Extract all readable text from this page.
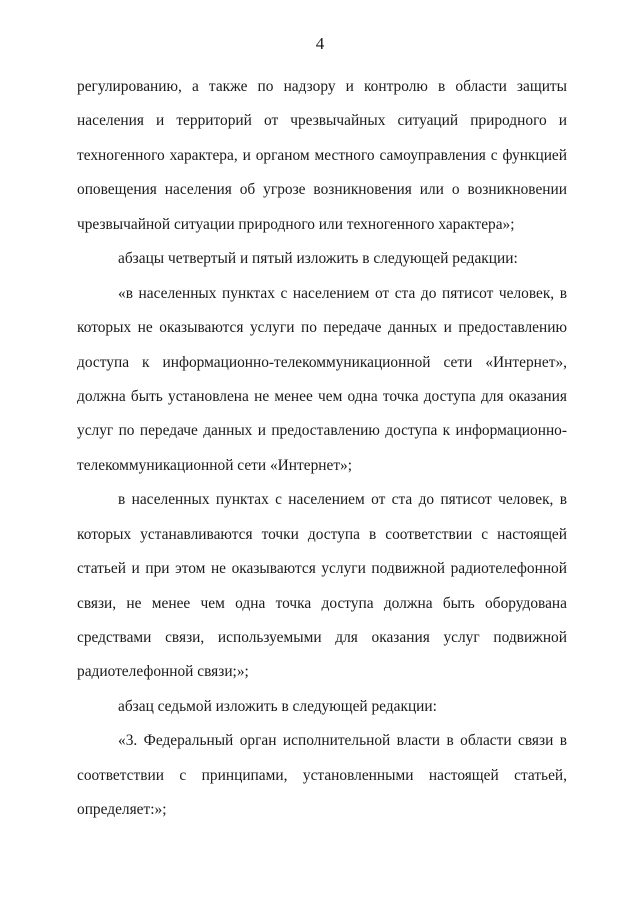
4
регулированию, а также по надзору и контролю в области защиты
населения и территорий от чрезвычайных ситуаций природного и
техногенного характера, и органом местного самоуправления с функцией
оповещения населения об угрозе возникновения или о возникновении
чрезвычайной ситуации природного или техногенного характера»;
абзацы четвертый и пятый изложить в следующей редакции:
«в населенных пунктах с населением от ста до пятисот человек, в
которых не оказываются услуги по передаче данных и предоставлению
доступа к информационно-телекоммуникационной сети «Интернет»,
должна быть установлена не менее чем одна точка доступа для оказания
услуг по передаче данных и предоставлению доступа к информационно-
телекоммуникационной сети «Интернет»;
в населенных пунктах с населением от ста до пятисот человек, в
которых устанавливаются точки доступа в соответствии с настоящей
статьей и при этом не оказываются услуги подвижной радиотелефонной
связи, не менее чем одна точка доступа должна быть оборудована
средствами связи, используемыми для оказания услуг подвижной
радиотелефонной связи;»;
абзац седьмой изложить в следующей редакции:
«3. Федеральный орган исполнительной власти в области связи в
соответствии с принципами, установленными настоящей статьей,
определяет:»;
